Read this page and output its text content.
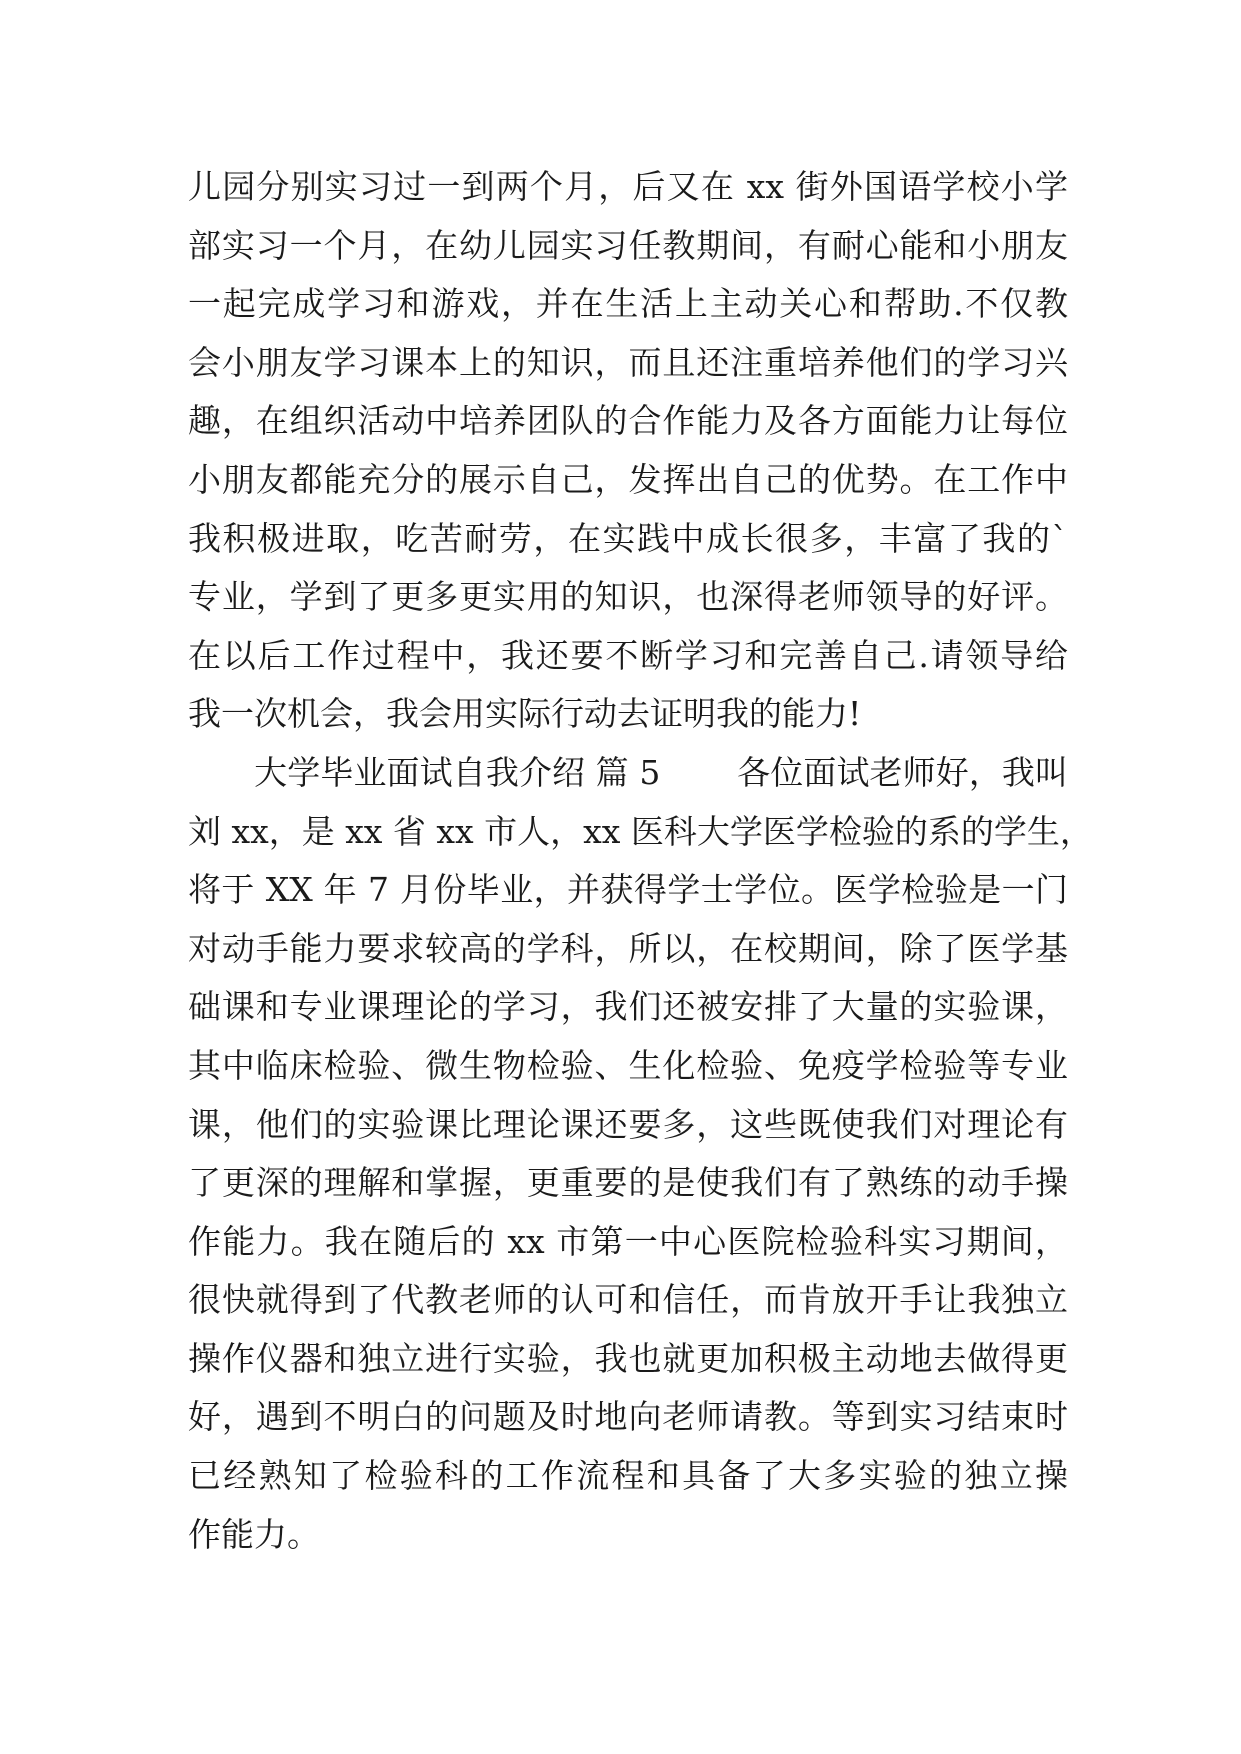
儿园分别实习过一到两个月，后又在 xx 街外国语学校小学
部实习一个月，在幼儿园实习任教期间，有耐心能和小朋友
一起完成学习和游戏，并在生活上主动关心和帮助.不仅教
会小朋友学习课本上的知识，而且还注重培养他们的学习兴
趣，在组织活动中培养团队的合作能力及各方面能力让每位
小朋友都能充分的展示自己，发挥出自己的优势。在工作中
我积极进取，吃苦耐劳，在实践中成长很多，丰富了我的`
专业，学到了更多更实用的知识，也深得老师领导的好评。
在以后工作过程中，我还要不断学习和完善自己.请领导给
我一次机会，我会用实际行动去证明我的能力!
　　大学毕业面试自我介绍 篇 5　　 各位面试老师好，我叫
刘 xx，是 xx 省 xx 市人，xx 医科大学医学检验的系的学生，
将于 XX 年 7 月份毕业，并获得学士学位。医学检验是一门
对动手能力要求较高的学科，所以，在校期间，除了医学基
础课和专业课理论的学习，我们还被安排了大量的实验课，
其中临床检验、微生物检验、生化检验、免疫学检验等专业
课，他们的实验课比理论课还要多，这些既使我们对理论有
了更深的理解和掌握，更重要的是使我们有了熟练的动手操
作能力。我在随后的 xx 市第一中心医院检验科实习期间，
很快就得到了代教老师的认可和信任，而肯放开手让我独立
操作仪器和独立进行实验，我也就更加积极主动地去做得更
好，遇到不明白的问题及时地向老师请教。等到实习结束时
已经熟知了检验科的工作流程和具备了大多实验的独立操
作能力。
